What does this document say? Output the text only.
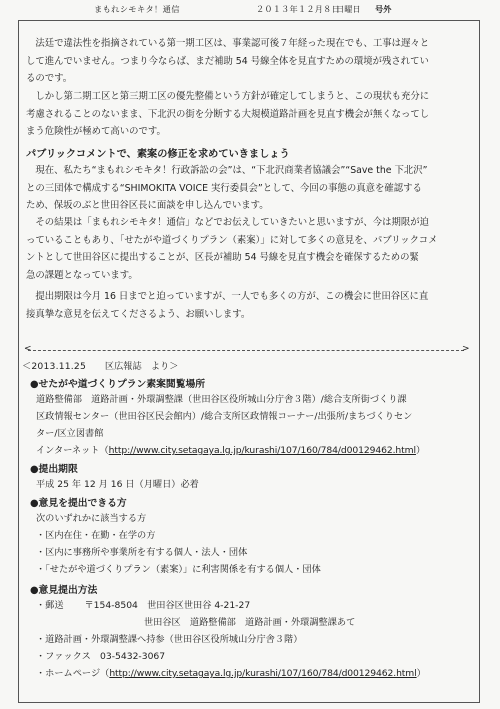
まもれシモキタ！通信	２０１３年１２月８日
日曜日 号外
　法廷で違法性を指摘されている第一期工区は、事業認可後７年経った現在でも、工事は遅々と
して進んでいません。つまり今ならば、まだ補助 54 号線全体を見直すための環境が残されてい
るのです。
　しかし第二期工区と第三期工区の優先整備という方針が確定してしまうと、この現状も充分に
考慮されることのないまま、下北沢の街を分断する大規模道路計画を見直す機会が無くなってし
まう危険性が極めて高いのです。
パブリックコメントで、素案の修正を求めていきましょう
　現在、私たち“まもれシモキタ！行政訴訟の会”は、“下北沢商業者協議会”“Save the 下北沢”
との三団体で構成する“SHIMOKITA VOICE 実行委員会”として、今回の事態の真意を確認する
ため、保坂のぶと世田谷区長に面談を申し込んでいます。
　その結果は「まもれシモキタ！通信」などでお伝えしていきたいと思いますが、今は期限が迫
っていることもあり、「せたがや道づくりプラン（素案）」に対して多くの意見を、パブリックコメ
ントとして世田谷区に提出することが、区長が補助 54 号線を見直す機会を確保するための緊
急の課題となっています。
　提出期限は今月 16 日までと迫っていますが、一人でも多くの方が、この機会に世田谷区に直
接真摯な意見を伝えてくださるよう、お願いします。
<	>
＜2013.11.25 区広報誌　より＞
●せたがや道づくりプラン素案閲覧場所
道路整備部　道路計画・外環調整課（世田谷区役所城山分庁舎３階）/総合支所街づくり課
区政情報センター（世田谷区民会館内）/総合支所区政情報コーナー/出張所/まちづくりセン
ター/区立図書館
インターネット（http://www.city.setagaya.lg.jp/kurashi/107/160/784/d00129462.html）
●提出期限
平成 25 年 12 月 16 日（月曜日）必着
●意見を提出できる方
次のいずれかに該当する方
・区内在住・在勤・在学の方
・区内に事務所や事業所を有する個人・法人・団体
・「せたがや道づくりプラン（素案）」に利害関係を有する個人・団体
●意見提出方法
・郵送 〒154-8504　世田谷区世田谷 4-21-27
世田谷区　道路整備部　道路計画・外環調整課あて
・道路計画・外環調整課へ持参（世田谷区役所城山分庁舎３階）
・ファックス　03-5432-3067
・ホームページ（http://www.city.setagaya.lg.jp/kurashi/107/160/784/d00129462.html）
